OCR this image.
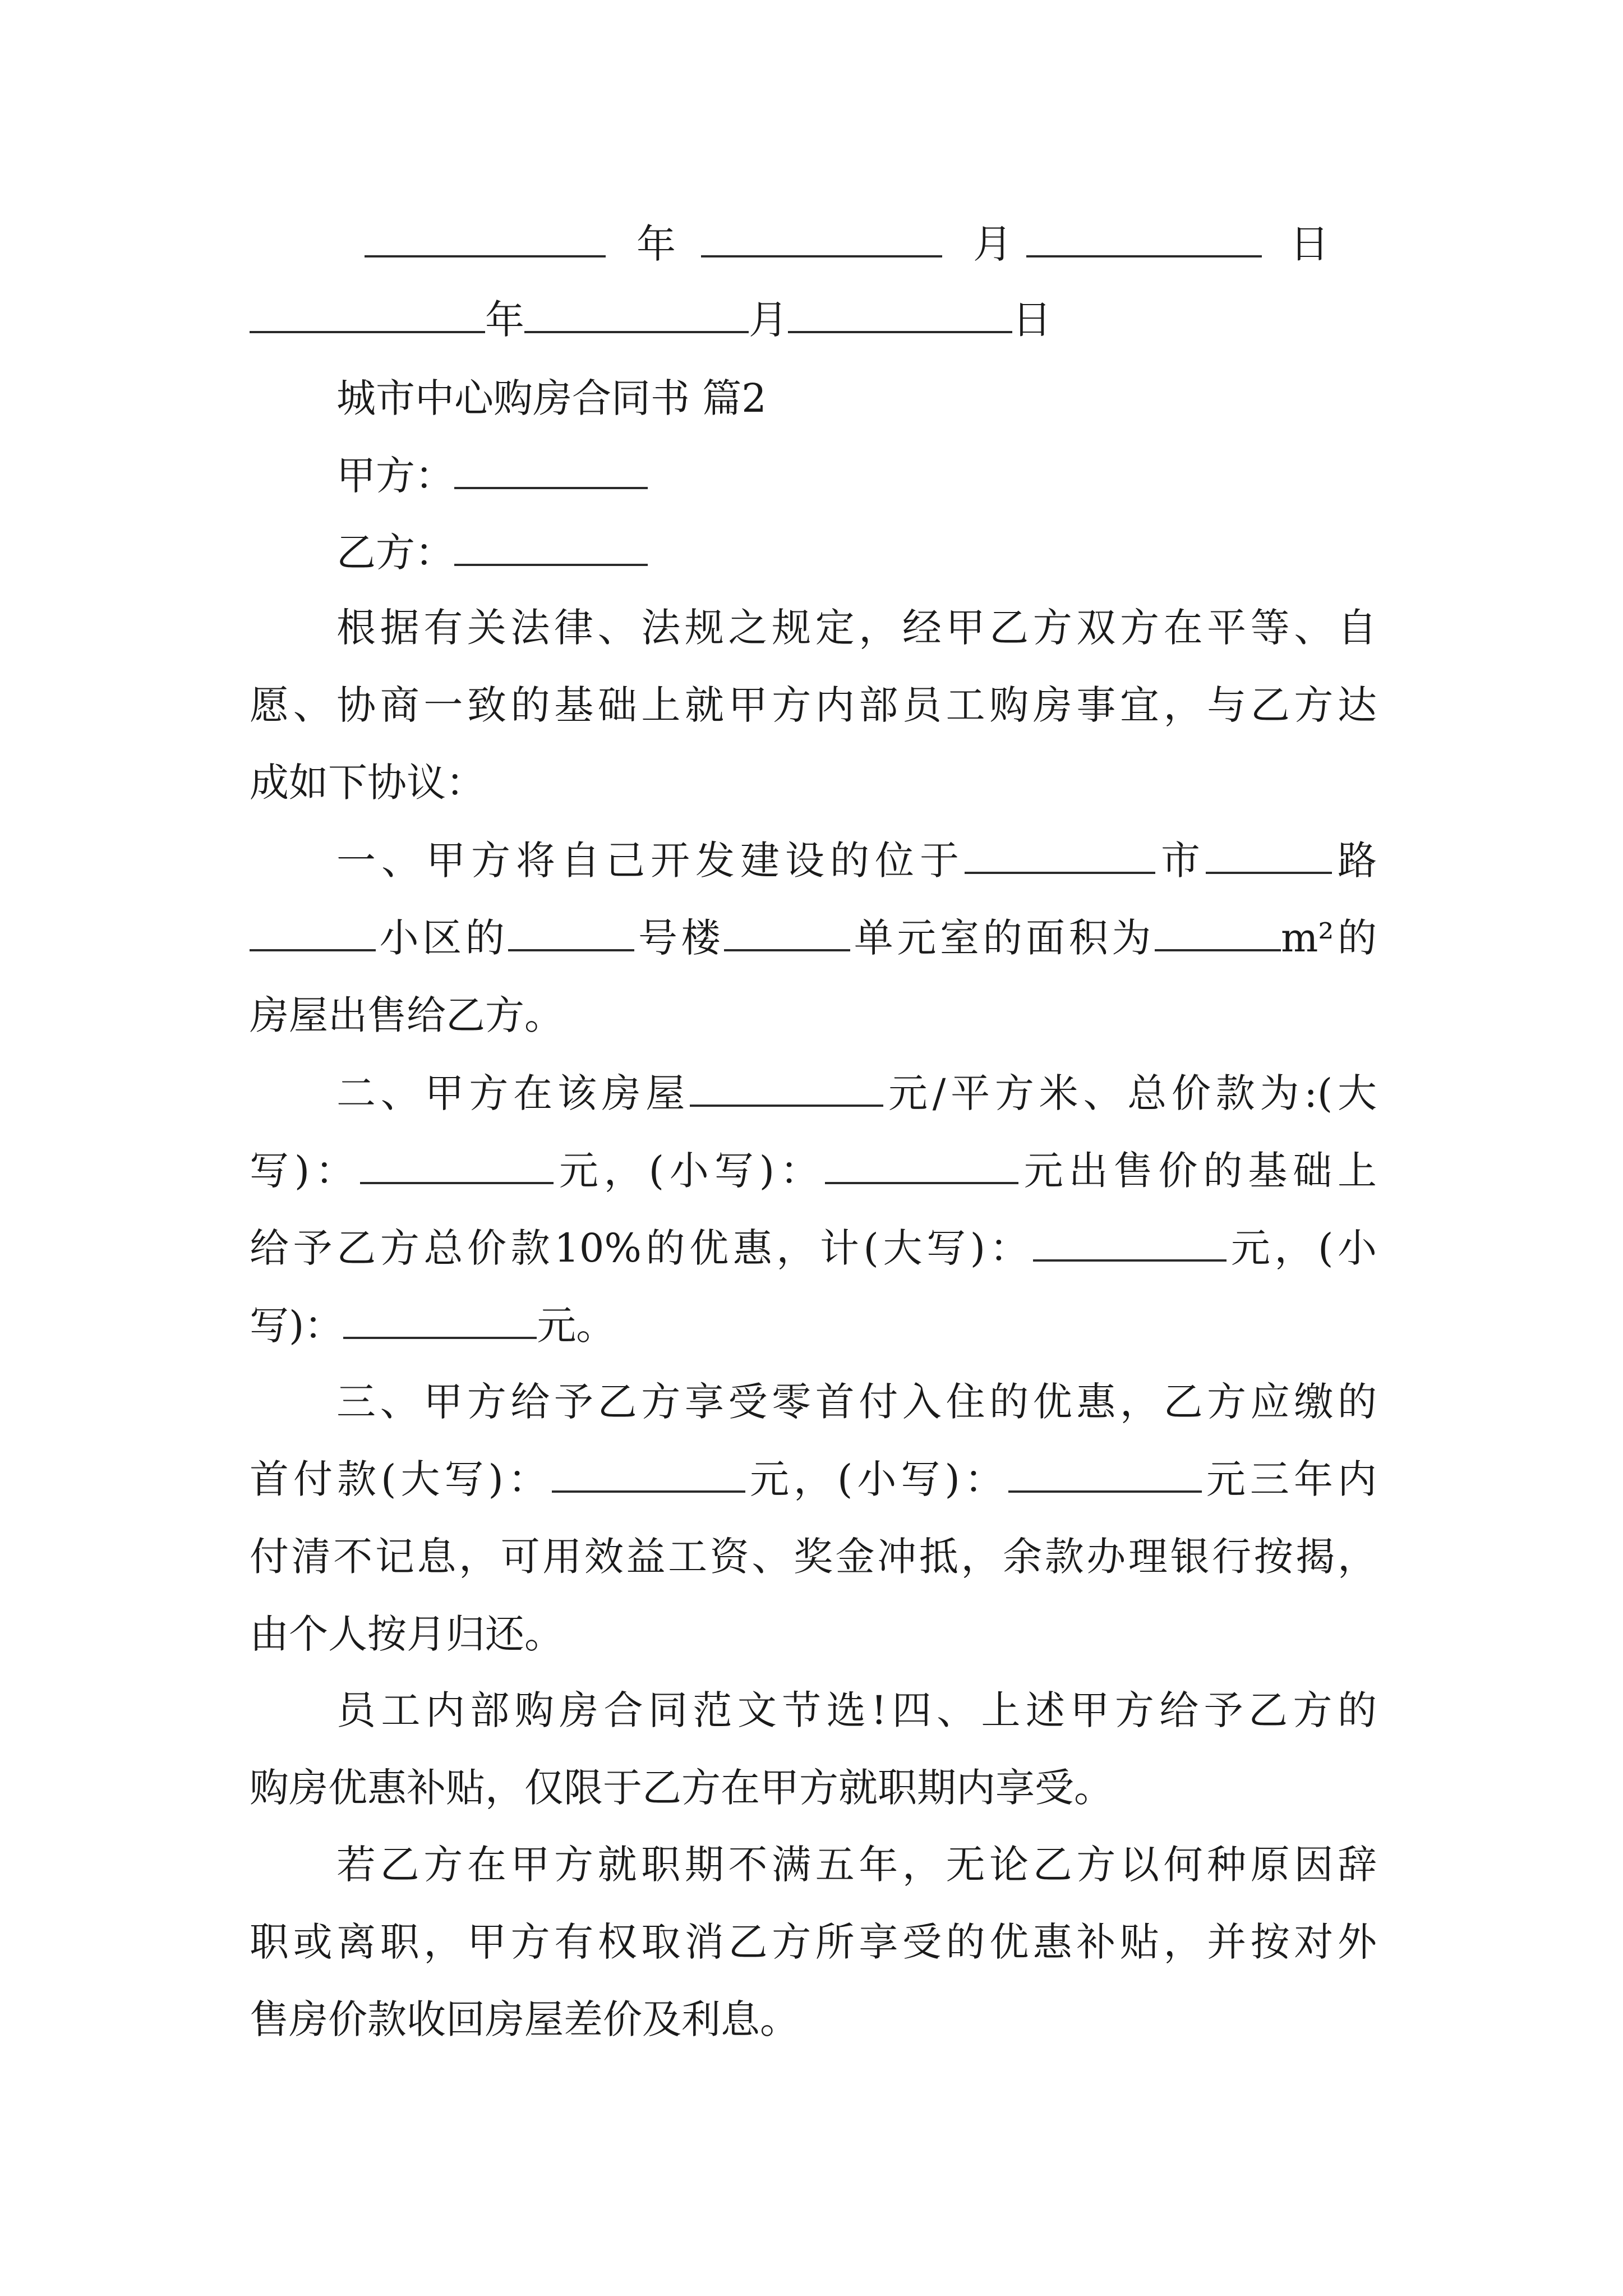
年	月	日
年	月	日
城市中心购房合同书 篇2
甲方：
乙方：
根据有关法律、法规之规定，经甲乙方双方在平等、自
愿、协商一致的基础上就甲方内部员工购房事宜，与乙方达
成如下协议：
一、甲方将自己开发建设的位于	市	路
小区的	号楼	单元室的面积为	m²的
房屋出售给乙方。
二、甲方在该房屋	元/平方米、总价款为:(大
写)：	元，(小写)：	元出售价的基础上
给予乙方总价款10%的优惠，计(大写)：	元，(小
写)：	元。
三、甲方给予乙方享受零首付入住的优惠，乙方应缴的
首付款(大写)：	元，(小写)：	元三年内
付清不记息，可用效益工资、奖金冲抵，余款办理银行按揭，
由个人按月归还。
员工内部购房合同范文节选!四、上述甲方给予乙方的
购房优惠补贴，仅限于乙方在甲方就职期内享受。
若乙方在甲方就职期不满五年，无论乙方以何种原因辞
职或离职，甲方有权取消乙方所享受的优惠补贴，并按对外
售房价款收回房屋差价及利息。
